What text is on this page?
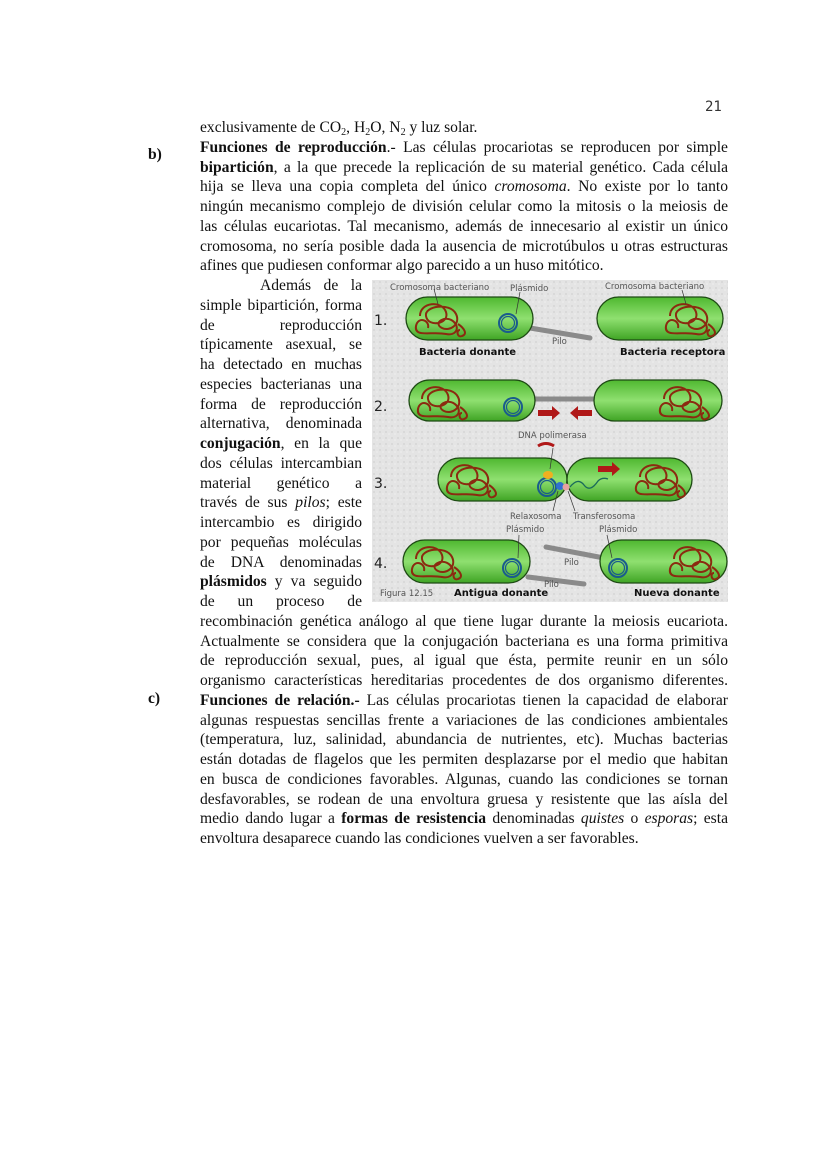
21
b)
c)
exclusivamente de $CO_2$, $H_2O$, $N_2$ y luz solar.
Funciones de reproducción.- Las células procariotas se reproducen por simple
bipartición, a la que precede la replicación de su material genético. Cada célula
hija se lleva una copia completa del único cromosoma. No existe por lo tanto
ningún mecanismo complejo de división celular como la mitosis o la meiosis de
las células eucariotas. Tal mecanismo, además de innecesario al existir un único
cromosoma, no sería posible dada la ausencia de microtúbulos u otras estructuras
afines que pudiesen conformar algo parecido a un huso mitótico.
Además de la
simple bipartición, forma
de reproducción
típicamente asexual, se
ha detectado en muchas
especies bacterianas una
forma de reproducción
alternativa, denominada
conjugación, en la que
dos células intercambian
material genético a
través de sus pilos; este
intercambio es dirigido
por pequeñas moléculas
de DNA denominadas
plásmidos y va seguido
de un proceso de
recombinación genética análogo al que tiene lugar durante la meiosis eucariota.
Actualmente se considera que la conjugación bacteriana es una forma primitiva
de reproducción sexual, pues, al igual que ésta, permite reunir en un sólo
organismo características hereditarias procedentes de dos organismo diferentes.
Funciones de relación.- Las células procariotas tienen la capacidad de elaborar
algunas respuestas sencillas frente a variaciones de las condiciones ambientales
(temperatura, luz, salinidad, abundancia de nutrientes, etc). Muchas bacterias
están dotadas de flagelos que les permiten desplazarse por el medio que habitan
en busca de condiciones favorables. Algunas, cuando las condiciones se tornan
desfavorables, se rodean de una envoltura gruesa y resistente que las aísla del
medio dando lugar a formas de resistencia denominadas quistes o esporas; esta
envoltura desaparece cuando las condiciones vuelven a ser favorables.
1.
2.
3.
4.
Cromosoma bacteriano Plásmido	Cromosoma bacteriano
Pilo
Bacteria donante	Bacteria receptora
DNA polimerasa
Relaxosoma Transferosoma
Plásmido	Plásmido
Pilo
Pilo
Figura 12.15 Antigua donante	Nueva donante
